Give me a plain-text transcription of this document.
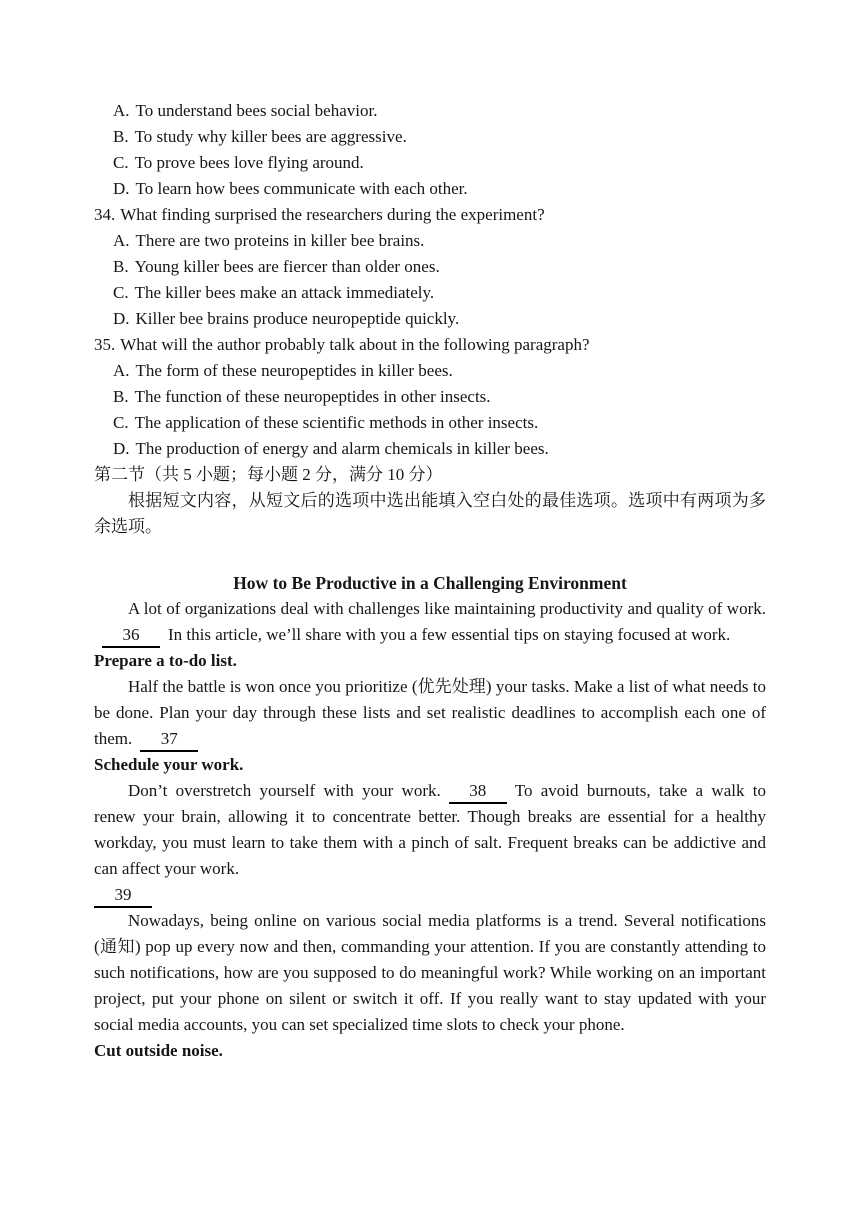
A. To understand bees social behavior.
B. To study why killer bees are aggressive.
C. To prove bees love flying around.
D. To learn how bees communicate with each other.
34. What finding surprised the researchers during the experiment?
A. There are two proteins in killer bee brains.
B. Young killer bees are fiercer than older ones.
C. The killer bees make an attack immediately.
D. Killer bee brains produce neuropeptide quickly.
35. What will the author probably talk about in the following paragraph?
A. The form of these neuropeptides in killer bees.
B. The function of these neuropeptides in other insects.
C. The application of these scientific methods in other insects.
D. The production of energy and alarm chemicals in killer bees.
第二节（共 5 小题；每小题 2 分，满分 10 分）

根据短文内容，从短文后的选项中选出能填入空白处的最佳选项。选项中有两项为多余选项。

How to Be Productive in a Challenging Environment

A lot of organizations deal with challenges like maintaining productivity and quality of work.36 In this article, we’ll share with you a few essential tips on staying focused at work.

Prepare a to-do list.

Half the battle is won once you prioritize (优先处理) your tasks. Make a list of what needs to be done. Plan your day through these lists and set realistic deadlines to accomplish each one of them. 37

Schedule your work.

Don’t overstretch yourself with your work. 38 To avoid burnouts, take a walk to renew your brain, allowing it to concentrate better. Though breaks are essential for a healthy workday, you must learn to take them with a pinch of salt. Frequent breaks can be addictive and can affect your work.

39

Nowadays, being online on various social media platforms is a trend. Several notifications (通知) pop up every now and then, commanding your attention. If you are constantly attending to such notifications, how are you supposed to do meaningful work? While working on an important project, put your phone on silent or switch it off. If you really want to stay updated with your social media accounts, you can set specialized time slots to check your phone.

Cut outside noise.
